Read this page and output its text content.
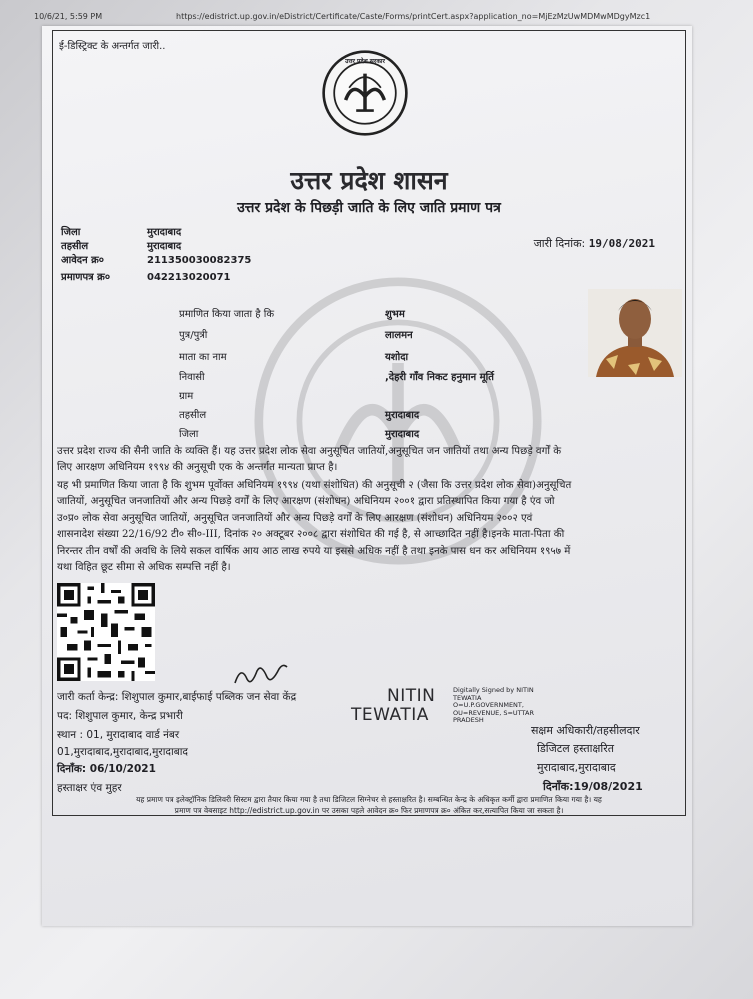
10/6/21, 5:59 PM	https://edistrict.up.gov.in/eDistrict/Certificate/Caste/Forms/printCert.aspx?application_no=MjEzMzUwMDMwMDgyMzc1
ई-डिस्ट्रिक्ट के अन्तर्गत जारी..
उत्तर प्रदेश सरकार
उत्तर प्रदेश शासन
उत्तर प्रदेश के पिछड़ी जाति के लिए जाति प्रमाण पत्र
जिला	मुरादाबाद
तहसील	मुरादाबाद
आवेदन क्र०	211350030082375
प्रमाणपत्र क्र०	042213020071
जारी दिनांक: 19/08/2021
प्रमाणित किया जाता है कि	शुभम
पुत्र/पुत्री	लालमन
माता का नाम	यशोदा
निवासी	,देहरी गाँव निकट हनुमान मूर्ति
ग्राम
तहसील	मुरादाबाद
जिला	मुरादाबाद
उत्तर प्रदेश राज्य की सैनी जाति के व्यक्ति हैं। यह उत्तर प्रदेश लोक सेवा अनुसूचित जातियों,अनुसूचित जन जातियों तथा अन्य पिछड़े वर्गों के
लिए आरक्षण अधिनियम १९९४ की अनुसूची एक के अन्तर्गत मान्यता प्राप्त है।
यह भी प्रमाणित किया जाता है कि शुभम पूर्वोक्त अधिनियम १९९४ (यथा संशोधित) की अनुसूची २ (जैसा कि उत्तर प्रदेश लोक सेवा)अनुसूचित
जातियों, अनुसूचित जनजातियों और अन्य पिछड़े वर्गों के लिए आरक्षण (संशोधन) अधिनियम २००१ द्वारा प्रतिस्थापित किया गया है एंव जो
उ०प्र० लोक सेवा अनुसूचित जातियों, अनुसूचित जनजातियों और अन्य पिछड़े वर्गों के लिए आरक्षण (संशोधन) अधिनियम २००२ एवं
शासनादेश संख्या 22/16/92 टी० सी०-III, दिनांक २० अक्टूबर २००८ द्वारा संशोधित की गई है, से आच्छादित नहीं है।इनके माता-पिता की
निरन्तर तीन वर्षों की अवधि के लिये सकल वार्षिक आय आठ लाख रुपये या इससे अधिक नहीं है तथा इनके पास धन कर अधिनियम १९५७ में
यथा विहित छूट सीमा से अधिक सम्पत्ति नहीं है।
जारी कर्ता केन्द्र: शिशुपाल कुमार,बाईफाई पब्लिक जन सेवा केंद्र
पद: शिशुपाल कुमार, केन्द्र प्रभारी
स्थान : 01, मुरादाबाद वार्ड नंबर
01,मुरादाबाद,मुरादाबाद,मुरादाबाद
दिनाँक: 06/10/2021
हस्ताक्षर एंव मुहर
NITIN
TEWATIA
Digitally Signed by NITIN TEWATIA O=U.P.GOVERNMENT, OU=REVENUE, S=UTTAR PRADESH
सक्षम अधिकारी/तहसीलदार
डिजिटल हस्ताक्षरित
मुरादाबाद,मुरादाबाद
दिनाँक:19/08/2021
यह प्रमाण पत्र इलेक्ट्रॉनिक डिलिवरी सिस्टम द्वारा तैयार किया गया है तथा डिजिटल सिग्नेचर से हस्ताक्षरित है। सम्बन्धित केन्द्र के अधिकृत कर्मी द्वारा प्रमाणित किया गया है। यह
प्रमाण पत्र वेबसाइट http://edistrict.up.gov.in पर उसका पहले आवेदन क्र० फिर प्रमाणपत्र क्र० अंकित कर,सत्यापित किया जा सकता है।
